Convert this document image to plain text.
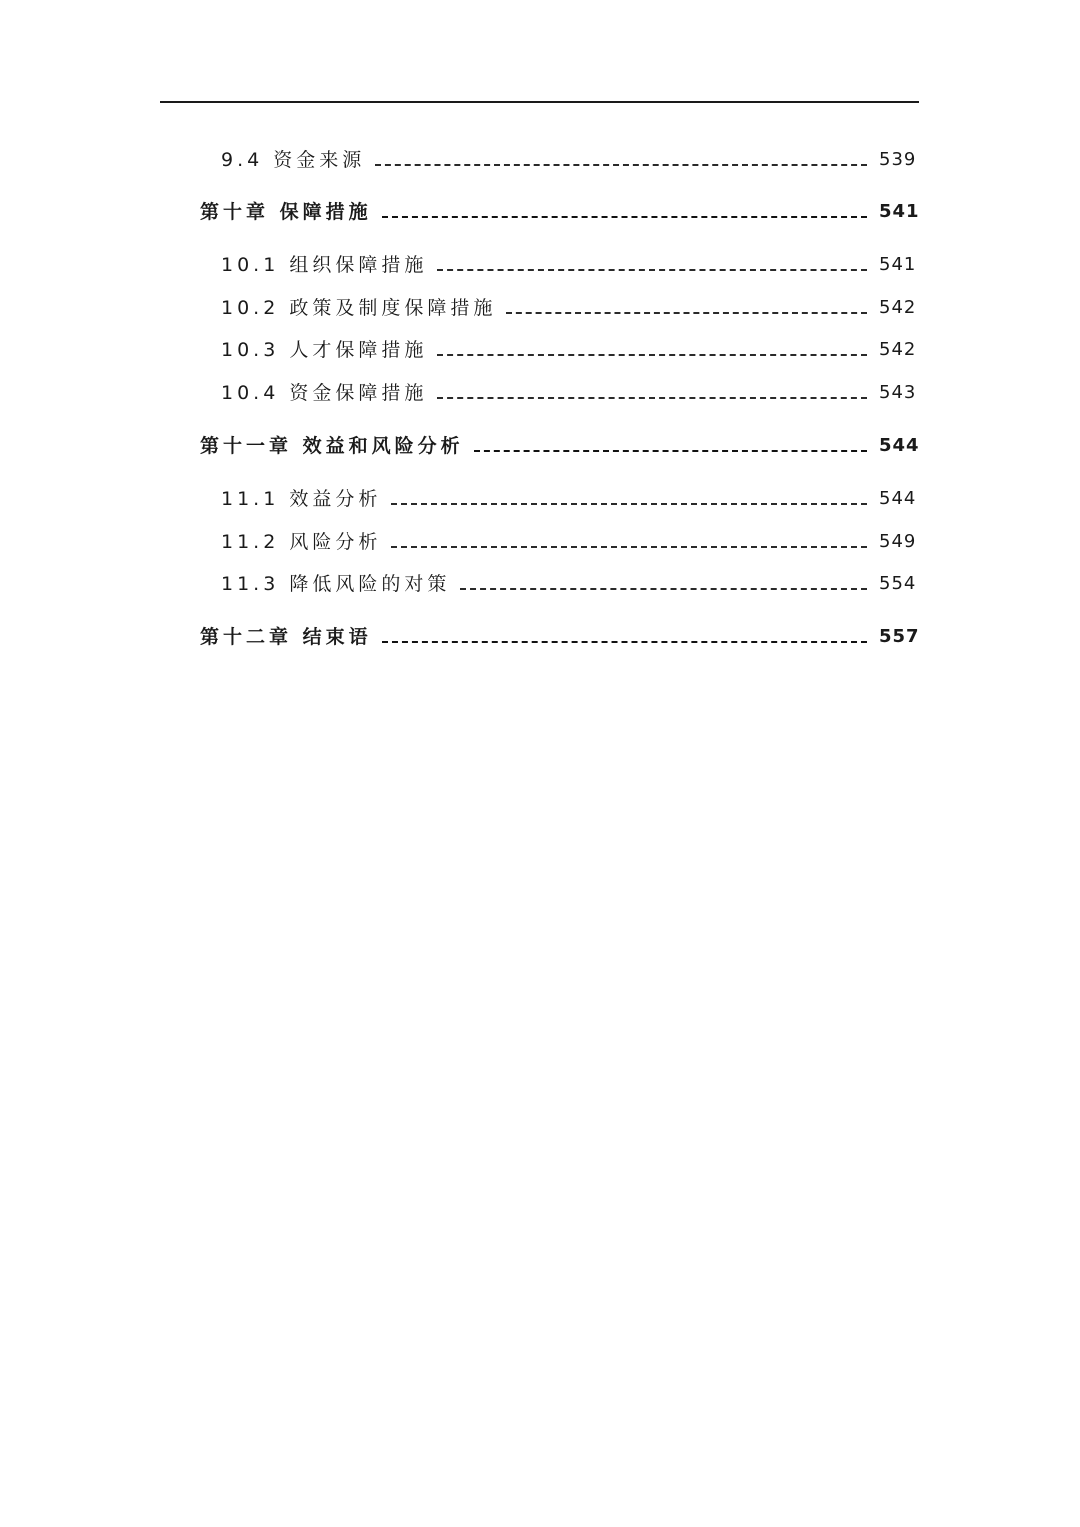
9.4 资金来源	539
第十章 保障措施	541
10.1 组织保障措施	541
10.2 政策及制度保障措施	542
10.3 人才保障措施	542
10.4 资金保障措施	543
第十一章 效益和风险分析	544
11.1 效益分析	544
11.2 风险分析	549
11.3 降低风险的对策	554
第十二章 结束语	557
